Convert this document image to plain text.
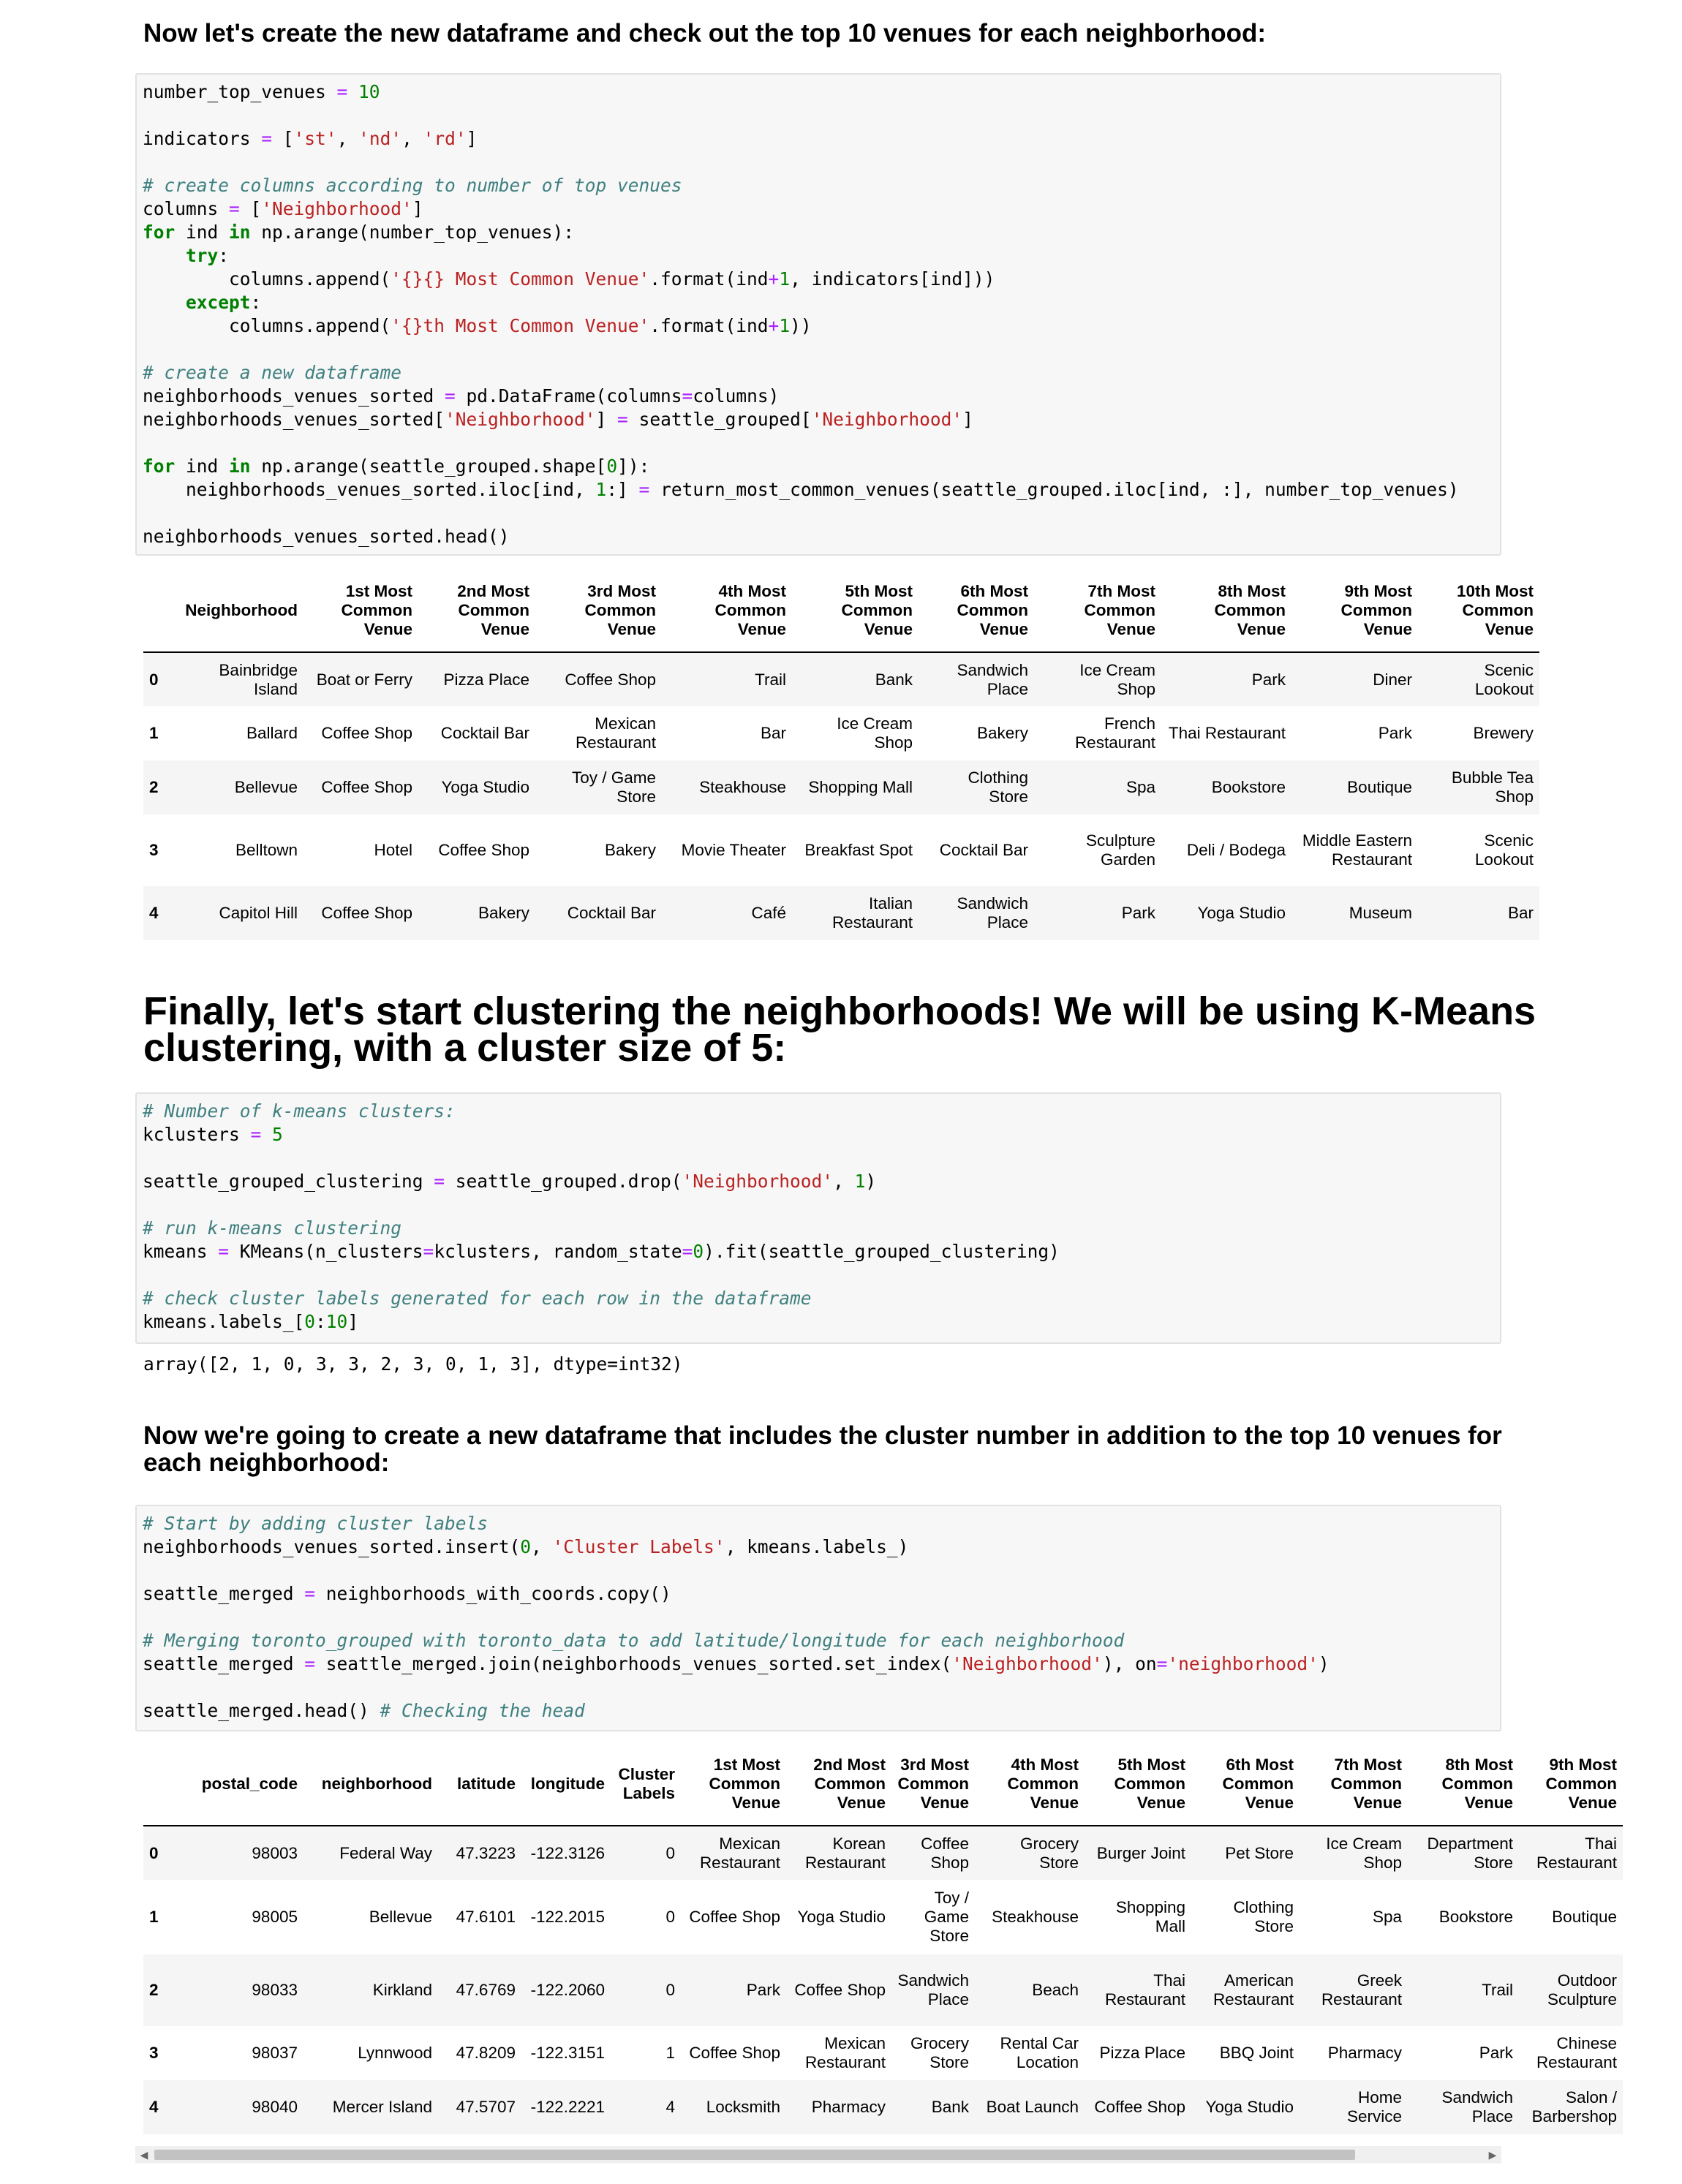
Now let's create the new dataframe and check out the top 10 venues for each neighborhood:
number_top_venues = 10
indicators = ['st', 'nd', 'rd']
# create columns according to number of top venues
columns = ['Neighborhood']
for ind in np.arange(number_top_venues):
try:
columns.append('{}{} Most Common Venue'.format(ind+1, indicators[ind]))
except:
columns.append('{}th Most Common Venue'.format(ind+1))
# create a new dataframe
neighborhoods_venues_sorted = pd.DataFrame(columns=columns)
neighborhoods_venues_sorted['Neighborhood'] = seattle_grouped['Neighborhood']
for ind in np.arange(seattle_grouped.shape[0]):
neighborhoods_venues_sorted.iloc[ind, 1:] = return_most_common_venues(seattle_grouped.iloc[ind, :], number_top_venues)
neighborhoods_venues_sorted.head()
	Neighborhood	1st Most Common Venue	2nd Most Common Venue	3rd Most Common Venue	4th Most Common Venue	5th Most Common Venue	6th Most Common Venue	7th Most Common Venue	8th Most Common Venue	9th Most Common Venue	10th Most Common Venue
0	Bainbridge Island	Boat or Ferry	Pizza Place	Coffee Shop	Trail	Bank	Sandwich Place	Ice Cream Shop	Park	Diner	Scenic Lookout
1	Ballard	Coffee Shop	Cocktail Bar	Mexican Restaurant	Bar	Ice Cream Shop	Bakery	French Restaurant	Thai Restaurant	Park	Brewery
2	Bellevue	Coffee Shop	Yoga Studio	Toy / Game Store	Steakhouse	Shopping Mall	Clothing Store	Spa	Bookstore	Boutique	Bubble Tea Shop
3	Belltown	Hotel	Coffee Shop	Bakery	Movie Theater	Breakfast Spot	Cocktail Bar	Sculpture Garden	Deli / Bodega	Middle Eastern Restaurant	Scenic Lookout
4	Capitol Hill	Coffee Shop	Bakery	Cocktail Bar	Café	Italian Restaurant	Sandwich Place	Park	Yoga Studio	Museum	Bar
Finally, let's start clustering the neighborhoods! We will be using K-Means
clustering, with a cluster size of 5:
# Number of k-means clusters:
kclusters = 5
seattle_grouped_clustering = seattle_grouped.drop('Neighborhood', 1)
# run k-means clustering
kmeans = KMeans(n_clusters=kclusters, random_state=0).fit(seattle_grouped_clustering)
# check cluster labels generated for each row in the dataframe
kmeans.labels_[0:10]
array([2, 1, 0, 3, 3, 2, 3, 0, 1, 3], dtype=int32)
Now we're going to create a new dataframe that includes the cluster number in addition to the top 10 venues for
each neighborhood:
# Start by adding cluster labels
neighborhoods_venues_sorted.insert(0, 'Cluster Labels', kmeans.labels_)
seattle_merged = neighborhoods_with_coords.copy()
# Merging toronto_grouped with toronto_data to add latitude/longitude for each neighborhood
seattle_merged = seattle_merged.join(neighborhoods_venues_sorted.set_index('Neighborhood'), on='neighborhood')
seattle_merged.head() # Checking the head
	postal_code	neighborhood	latitude	longitude	Cluster Labels	1st Most Common Venue	2nd Most Common Venue	3rd Most Common Venue	4th Most Common Venue	5th Most Common Venue	6th Most Common Venue	7th Most Common Venue	8th Most Common Venue	9th Most Common Venue
0	98003	Federal Way	47.3223	-122.3126	0	Mexican Restaurant	Korean Restaurant	Coffee Shop	Grocery Store	Burger Joint	Pet Store	Ice Cream Shop	Department Store	Thai Restaurant
1	98005	Bellevue	47.6101	-122.2015	0	Coffee Shop	Yoga Studio	Toy / Game Store	Steakhouse	Shopping Mall	Clothing Store	Spa	Bookstore	Boutique
2	98033	Kirkland	47.6769	-122.2060	0	Park	Coffee Shop	Sandwich Place	Beach	Thai Restaurant	American Restaurant	Greek Restaurant	Trail	Outdoor Sculpture
3	98037	Lynnwood	47.8209	-122.3151	1	Coffee Shop	Mexican Restaurant	Grocery Store	Rental Car Location	Pizza Place	BBQ Joint	Pharmacy	Park	Chinese Restaurant
4	98040	Mercer Island	47.5707	-122.2221	4	Locksmith	Pharmacy	Bank	Boat Launch	Coffee Shop	Yoga Studio	Home Service	Sandwich Place	Salon / Barbershop
◀	▶
